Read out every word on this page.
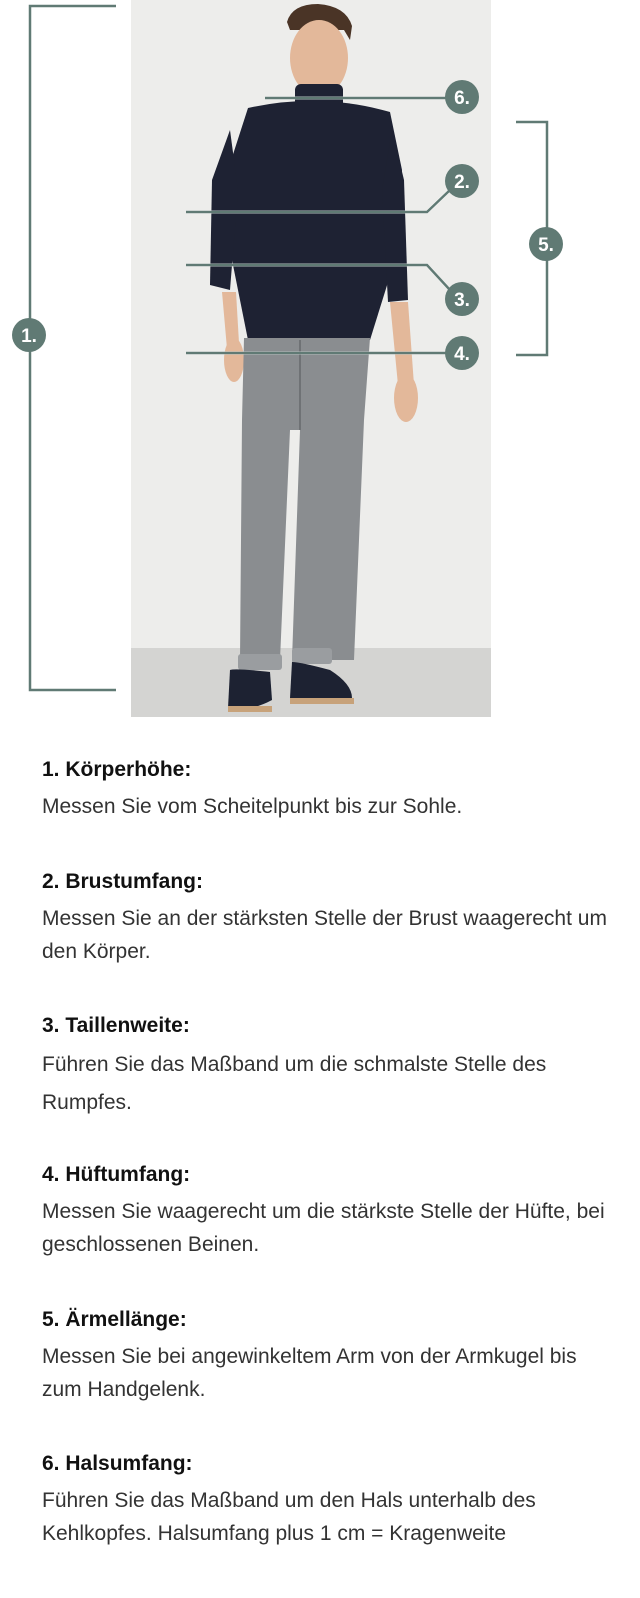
1.
2.
3.
4.
5.
6.
1. Körperhöhe:

Messen Sie vom Scheitelpunkt bis zur Sohle.

2. Brustumfang:

Messen Sie an der stärksten Stelle der Brust waagerecht um den Körper.

3. Taillenweite:

Führen Sie das Maßband um die schmalste Stelle des Rumpfes.

4. Hüftumfang:

Messen Sie waagerecht um die stärkste Stelle der Hüfte, bei geschlossenen Beinen.

5. Ärmellänge:

Messen Sie bei angewinkeltem Arm von der Armkugel bis zum Handgelenk.

6. Halsumfang:

Führen Sie das Maßband um den Hals unterhalb des Kehlkopfes. Halsumfang plus 1 cm = Kragenweite
